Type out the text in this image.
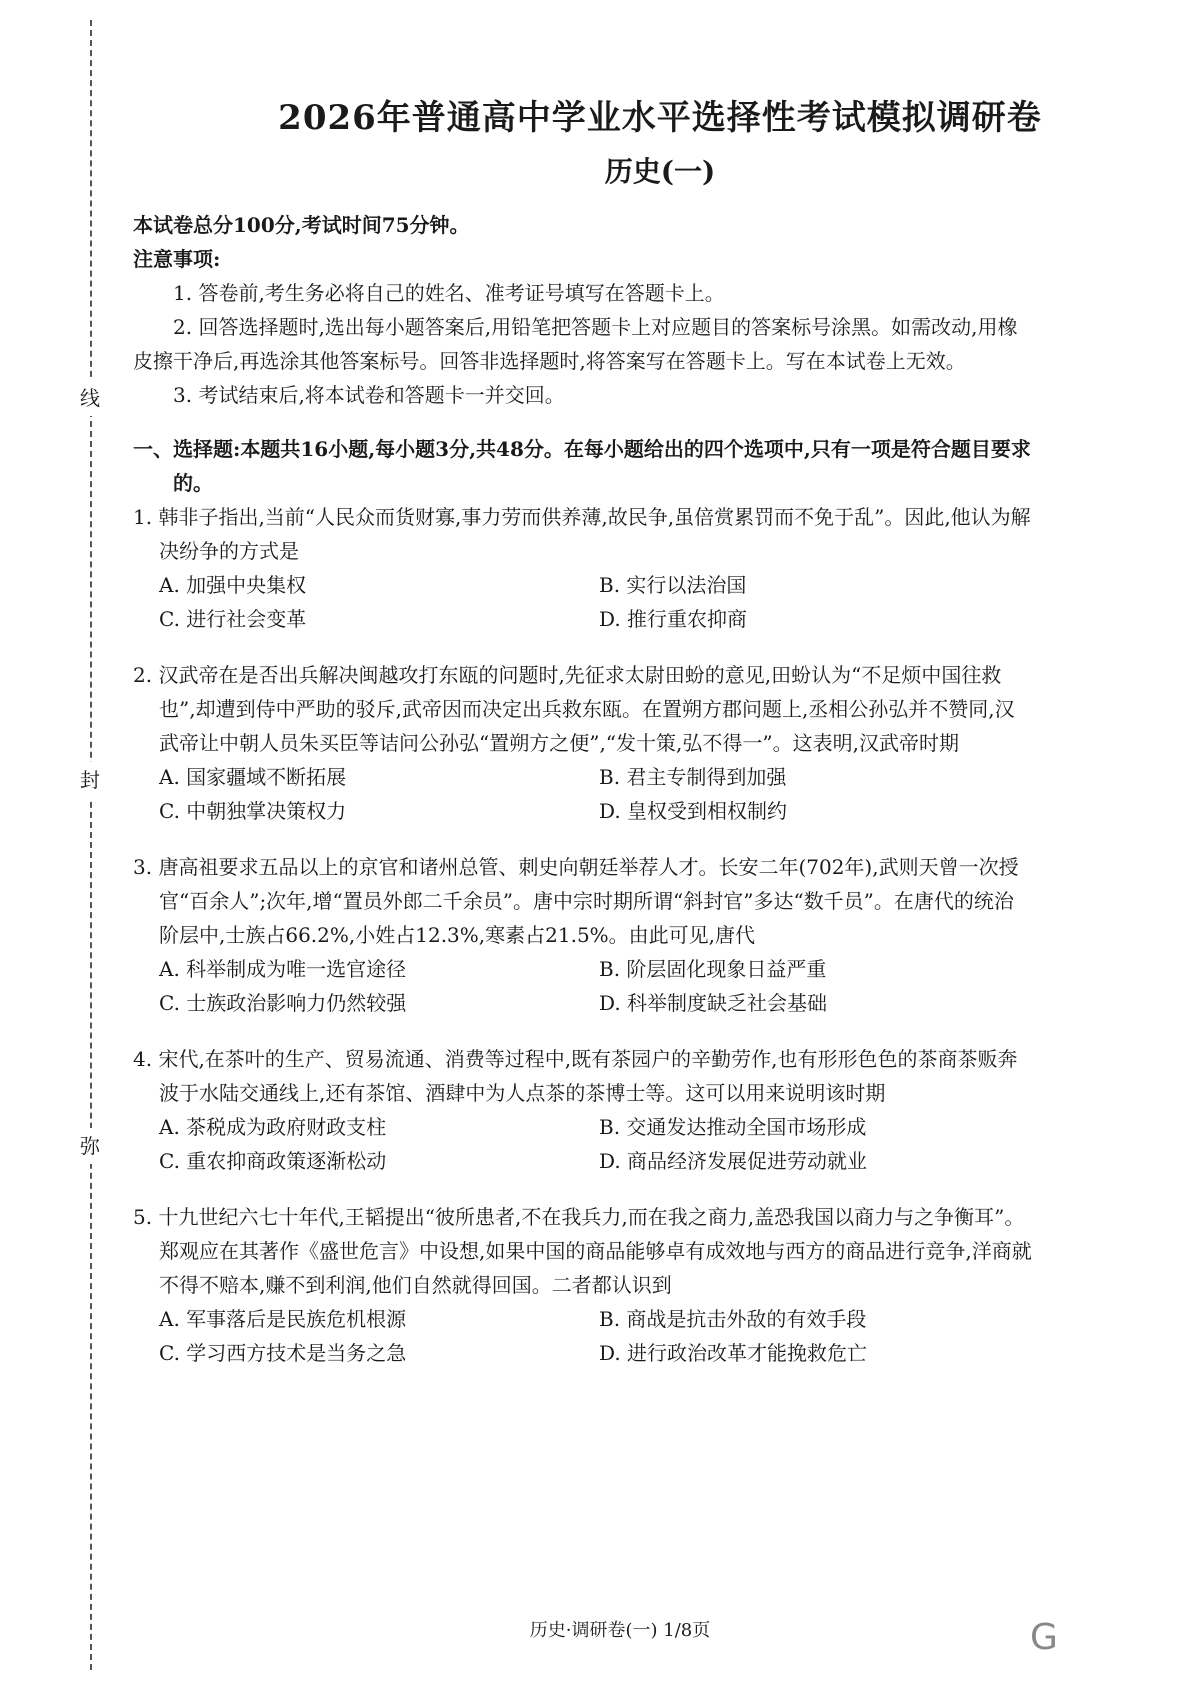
线
封
弥
2026年普通高中学业水平选择性考试模拟调研卷
历史(一)

本试卷总分100分,考试时间75分钟。

注意事项:

1. 答卷前,考生务必将自己的姓名、准考证号填写在答题卡上。

2. 回答选择题时,选出每小题答案后,用铅笔把答题卡上对应题目的答案标号涂黑。如需改动,用橡皮擦干净后,再选涂其他答案标号。回答非选择题时,将答案写在答题卡上。写在本试卷上无效。

3. 考试结束后,将本试卷和答题卡一并交回。

一、选择题:本题共16小题,每小题3分,共48分。在每小题给出的四个选项中,只有一项是符合题目要求的。

1. 韩非子指出,当前“人民众而货财寡,事力劳而供养薄,故民争,虽倍赏累罚而不免于乱”。因此,他认为解决纷争的方式是

A. 加强中央集权	B. 实行以法治国

C. 进行社会变革	D. 推行重农抑商

2. 汉武帝在是否出兵解决闽越攻打东瓯的问题时,先征求太尉田蚡的意见,田蚡认为“不足烦中国往救也”,却遭到侍中严助的驳斥,武帝因而决定出兵救东瓯。在置朔方郡问题上,丞相公孙弘并不赞同,汉武帝让中朝人员朱买臣等诘问公孙弘“置朔方之便”,“发十策,弘不得一”。这表明,汉武帝时期

A. 国家疆域不断拓展	B. 君主专制得到加强

C. 中朝独掌决策权力	D. 皇权受到相权制约

3. 唐高祖要求五品以上的京官和诸州总管、刺史向朝廷举荐人才。长安二年(702年),武则天曾一次授官“百余人”;次年,增“置员外郎二千余员”。唐中宗时期所谓“斜封官”多达“数千员”。在唐代的统治阶层中,士族占66.2%,小姓占12.3%,寒素占21.5%。由此可见,唐代

A. 科举制成为唯一选官途径	B. 阶层固化现象日益严重

C. 士族政治影响力仍然较强	D. 科举制度缺乏社会基础

4. 宋代,在茶叶的生产、贸易流通、消费等过程中,既有茶园户的辛勤劳作,也有形形色色的茶商茶贩奔波于水陆交通线上,还有茶馆、酒肆中为人点茶的茶博士等。这可以用来说明该时期

A. 茶税成为政府财政支柱	B. 交通发达推动全国市场形成

C. 重农抑商政策逐渐松动	D. 商品经济发展促进劳动就业

5. 十九世纪六七十年代,王韬提出“彼所患者,不在我兵力,而在我之商力,盖恐我国以商力与之争衡耳”。郑观应在其著作《盛世危言》中设想,如果中国的商品能够卓有成效地与西方的商品进行竞争,洋商就不得不赔本,赚不到利润,他们自然就得回国。二者都认识到

A. 军事落后是民族危机根源	B. 商战是抗击外敌的有效手段

C. 学习西方技术是当务之急	D. 进行政治改革才能挽救危亡

历史·调研卷(一) 1/8页	G
